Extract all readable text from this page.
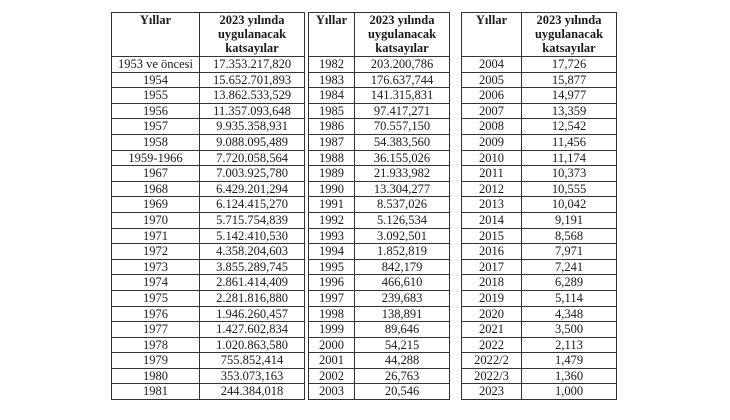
Yıllar	2023 yılında uygulanacak katsayılar
1953 ve öncesi	17.353.217,820
1954	15.652.701,893
1955	13.862.533,529
1956	11.357.093,648
1957	9.935.358,931
1958	9.088.095,489
1959-1966	7.720.058,564
1967	7.003.925,780
1968	6.429.201,294
1969	6.124.415,270
1970	5.715.754,839
1971	5.142.410,530
1972	4.358.204,603
1973	3.855.289,745
1974	2.861.414,409
1975	2.281.816,880
1976	1.946.260,457
1977	1.427.602,834
1978	1.020.863,580
1979	755.852,414
1980	353.073,163
1981	244.384,018
Yıllar	2023 yılında uygulanacak katsayılar
1982	203.200,786
1983	176.637,744
1984	141.315,831
1985	97.417,271
1986	70.557,150
1987	54.383,560
1988	36.155,026
1989	21.933,982
1990	13.304,277
1991	8.537,026
1992	5.126,534
1993	3.092,501
1994	1.852,819
1995	842,179
1996	466,610
1997	239,683
1998	138,891
1999	89,646
2000	54,215
2001	44,288
2002	26,763
2003	20,546
Yıllar	2023 yılında uygulanacak katsayılar
2004	17,726
2005	15,877
2006	14,977
2007	13,359
2008	12,542
2009	11,456
2010	11,174
2011	10,373
2012	10,555
2013	10,042
2014	9,191
2015	8,568
2016	7,971
2017	7,241
2018	6,289
2019	5,114
2020	4,348
2021	3,500
2022	2,113
2022/2	1,479
2022/3	1,360
2023	1,000
